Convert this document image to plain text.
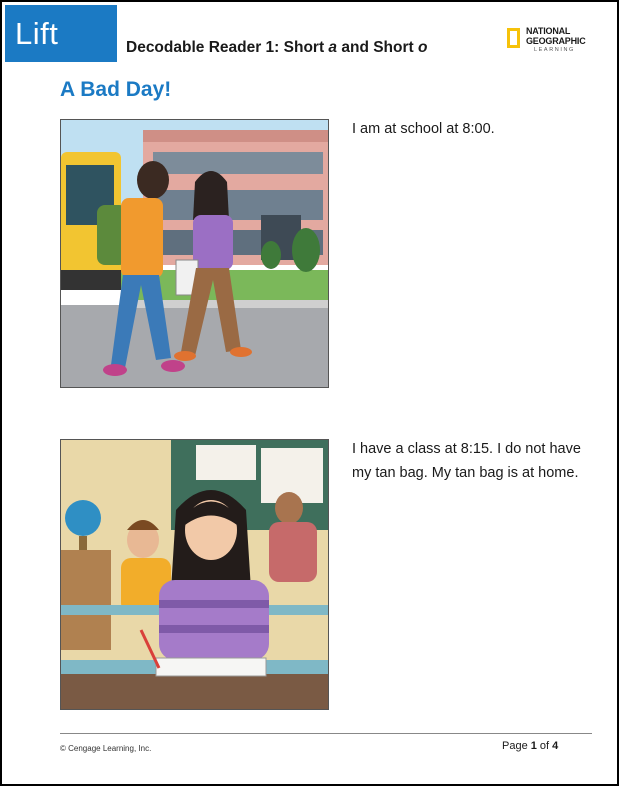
Lift	Decodable Reader 1: Short a and Short o
NATIONAL
GEOGRAPHIC
LEARNING
A Bad Day!
I am at school at 8:00.
I have a class at 8:15. I do not have my tan bag. My tan bag is at home.
© Cengage Learning, Inc.	Page 1 of 4
